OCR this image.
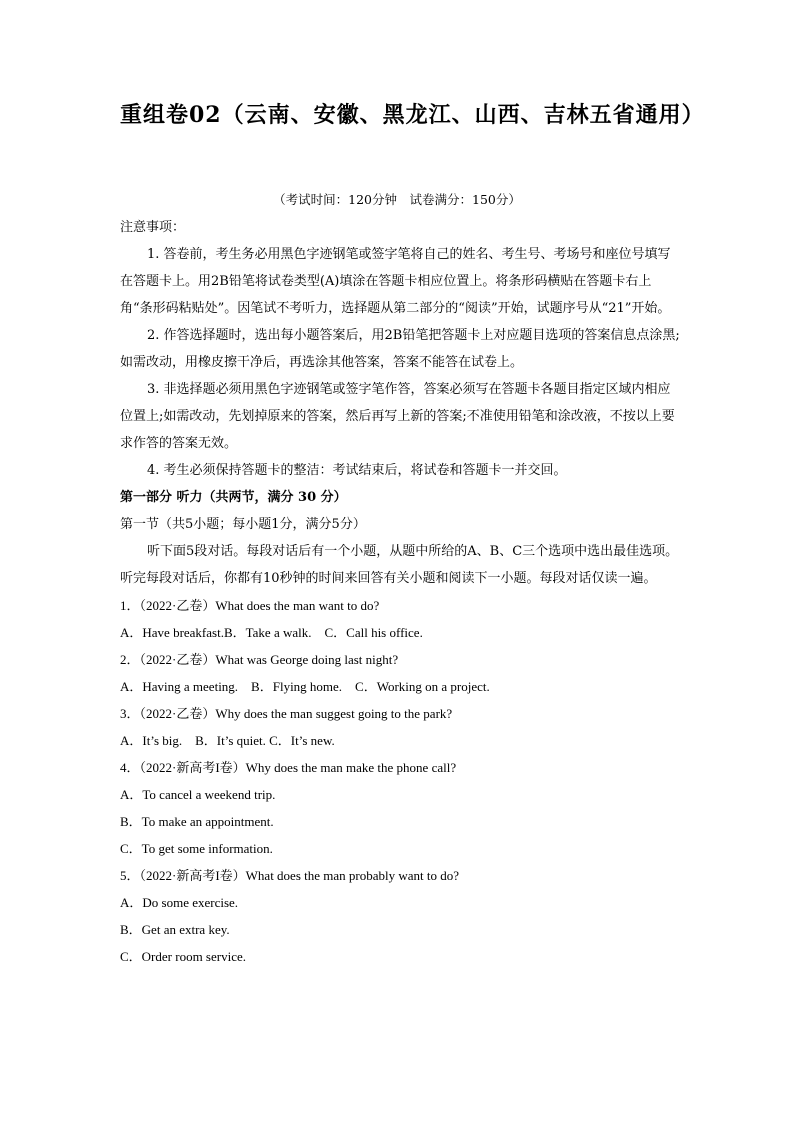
重组卷02（云南、安徽、黑龙江、山西、吉林五省通用）
（考试时间：120分钟　试卷满分：150分）

注意事项：

1. 答卷前，考生务必用黑色字迹钢笔或签字笔将自己的姓名、考生号、考场号和座位号填写在答题卡上。用2B铅笔将试卷类型(A)填涂在答题卡相应位置上。将条形码横贴在答题卡右上角“条形码粘贴处”。因笔试不考听力，选择题从第二部分的“阅读”开始，试题序号从“21”开始。

2. 作答选择题时，选出每小题答案后，用2B铅笔把答题卡上对应题目选项的答案信息点涂黑;如需改动，用橡皮擦干净后，再选涂其他答案，答案不能答在试卷上。

3. 非选择题必须用黑色字迹钢笔或签字笔作答，答案必须写在答题卡各题目指定区域内相应位置上;如需改动，先划掉原来的答案，然后再写上新的答案;不准使用铅笔和涂改液，不按以上要求作答的答案无效。

4. 考生必须保持答题卡的整洁：考试结束后，将试卷和答题卡一并交回。

第一部分 听力（共两节，满分 30 分）

第一节（共5小题；每小题1分，满分5分）

听下面5段对话。每段对话后有一个小题，从题中所给的A、B、C三个选项中选出最佳选项。听完每段对话后，你都有10秒钟的时间来回答有关小题和阅读下一小题。每段对话仅读一遍。

1．（2022·乙卷）What does the man want to do?

A．Have breakfast.B．Take a walk.　C．Call his office.

2．（2022·乙卷）What was George doing last night?

A．Having a meeting.　B．Flying home.　C．Working on a project.

3．（2022·乙卷）Why does the man suggest going to the park?

A．It’s big.　B．It’s quiet. C．It’s new.

4．（2022·新高考I卷）Why does the man make the phone call?

A．To cancel a weekend trip.

B．To make an appointment.

C．To get some information.

5．（2022·新高考I卷）What does the man probably want to do?

A．Do some exercise.

B．Get an extra key.

C．Order room service.
